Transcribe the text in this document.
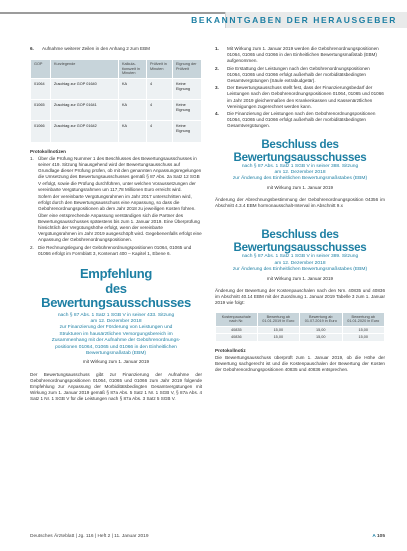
BEKANNTGABEN DER HERAUSGEBER
6.	Aufnahme weiterer Zeilen in den Anhang 2 zum EBM
GOP	Kurzlegende	Kalkula-tionszeit in Minuten	Prüfzeit in Minuten	Eignung der Prüfzeit
01064	Zuschlag zur GOP 01640	KA	4	Keine Eignung
01065	Zuschlag zur GOP 01641	KA	4	Keine Eignung
01066	Zuschlag zur GOP 01642	KA	4	Keine Eignung
Protokollnotizen
1. Über die Prüfung Nummer 1 des Beschlusses des Bewertungsausschusses in seiner 419. Sitzung hinausgehend wird der Bewertungsausschuss auf Grundlage dieser Prüfung prüfen, ob mit den genannten Anpassungsregelungen die Umsetzung des Bewertungsausschusses gemäß § 87 Abs. 2a Satz 12 SGB V erfolgt, sowie die Prüfung durchführen, unter welchen Voraussetzungen der vereinbarte Vergütungsrahmen um 117,78 Millionen Euro erreicht wird.

Sofern der vereinbarte Vergütungsrahmen im Jahr 2017 unterschritten wird, erfolgt durch den Bewertungsausschuss eine Anpassung, so dass die Gebührenordnungspositionen ab dem Jahr 2018 zu jeweiligen Kosten führen. Über eine entsprechende Anpassung verständigen sich die Partner des Bewertungsausschusses spätestens bis zum 1. Januar 2019. Eine Überprüfung hinsichtlich der Vergütungshöhe erfolgt, wenn der vereinbarte Vergütungsrahmen im Jahr 2019 ausgeschöpft wird. Gegebenenfalls erfolgt eine Anpassung der Gebührenordnungspositionen.

2. Die Rechnungslegung der Gebührenordnungspositionen 01064, 01065 und 01066 erfolgt im Formblatt 3, Kontenart 400 – Kapitel 1, Ebene 6.

Empfehlung
des Bewertungsausschusses
nach § 87 Abs. 1 Satz 1 SGB V in seiner 433. Sitzung
am 12. Dezember 2018
zur Finanzierung der Förderung von Leistungen und
Strukturen im hausärztlichen Versorgungsbereich im
Zusammenhang mit der Aufnahme der Gebührenordnungs-
positionen 01064, 01065 und 01066 in den Einheitlichen
Bewertungsmaßstab (EBM)
mit Wirkung zum 1. Januar 2019
Der Bewertungsausschuss gibt zur Finanzierung der Aufnahme der Gebührenordnungspositionen 01064, 01065 und 01066 zum Jahr 2019 folgende Empfehlung zur Anpassung der Morbiditätsbedingten Gesamtvergütungen mit Wirkung zum 1. Januar 2019 gemäß § 87a Abs. 5 Satz 1 Nr. 1 SGB V, § 87a Abs. 4 Satz 1 Nr. 1 SGB V für die Leistungen nach § 87a Abs. 3 Satz 5 SGB V.
1.	Mit Wirkung zum 1. Januar 2019 werden die Gebührenordnungspositionen 01064, 01065 und 01066 in den Einheitlichen Bewertungsmaßstab (EBM) aufgenommen.
2.	Die Erstattung der Leistungen nach den Gebührenordnungspositionen 01064, 01065 und 01066 erfolgt außerhalb der morbiditätsbedingten Gesamtvergütungen (Säule extrabudgetär).
3.	Der Bewertungsausschuss stellt fest, dass der Finanzierungsbedarf der Leistungen nach den Gebührenordnungspositionen 01064, 01065 und 01066 im Jahr 2019 gleichermaßen den Krankenkassen und Kassenärztlichen Vereinigungen zugerechnet werden kann.
4.	Die Finanzierung der Leistungen nach den Gebührenordnungspositionen 01064, 01065 und 01066 erfolgt außerhalb der morbiditätsbedingten Gesamtvergütungen.
Beschluss des Bewertungsausschusses
nach § 87 Abs. 1 Satz 1 SGB V in seiner 388. Sitzung
am 12. Dezember 2018
zur Änderung des Einheitlichen Bewertungsmaßstabes (EBM)
mit Wirkung zum 1. Januar 2019
Änderung der Abrechnungsbestimmung der Gebührenordnungsposition 04356 im Abschnitt 4.3.4 EBM hormonausschalt-Interval im Abschnitt 9.x
Beschluss des Bewertungsausschusses
nach § 87 Abs. 1 Satz 1 SGB V in seiner 389. Sitzung
am 12. Dezember 2018
zur Änderung des Einheitlichen Bewertungsmaßstabes (EBM)
mit Wirkung zum 1. Januar 2019
Änderung der Bewertung der Kostenpauschalen nach den Nrn. 40835 und 40836 im Abschnitt 40.14 EBM mit der Zuordnung 1. Januar 2019 Tabelle 3 zum 1. Januar 2019 wie folgt:
Kostenpauschale nach Nr.	Bewertung ab 01.01.2019 in Euro	Bewertung ab 01.07.2019 in Euro	Bewertung ab 01.01.2020 in Euro
40835	15,00	15,00	15,00
40836	15,00	15,00	15,00
Protokollnotiz
Die Bewertungsausschuss überprüft zum 1. Januar 2019, ob die Höhe der Bewertung sachgerecht ist und die Kostenpauschalen der Bewertung der Kosten der Gebührenordnungspositionen 40835 und 40836 entsprechen.
Deutsches Ärzteblatt | Jg. 116 | Heft 2 | 11. Januar 2019	A 105
